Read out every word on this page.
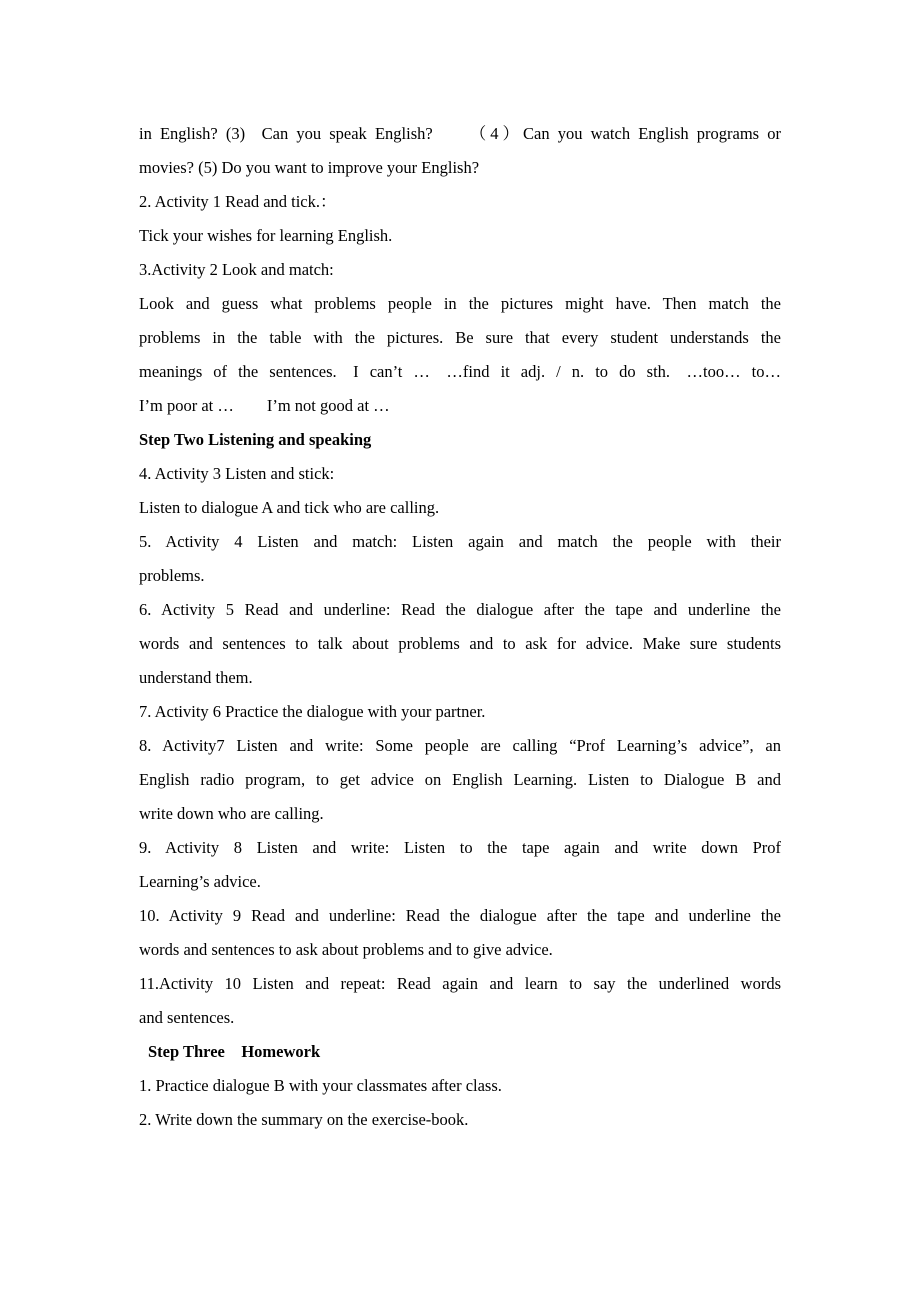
in English? (3) Can you speak English?  （4）Can you watch English programs or

movies? (5) Do you want to improve your English?

2. Activity 1 Read and tick.：

Tick your wishes for learning English.

3.Activity 2 Look and match:

Look and guess what problems people in the pictures might have. Then match the

problems in the table with the pictures. Be sure that every student understands the

meanings of the sentences. I can’t … …find it adj. / n. to do sth. …too… to…

I’m poor at …  I’m not good at …

Step Two Listening and speaking

4. Activity 3 Listen and stick:

Listen to dialogue A and tick who are calling.

5. Activity 4 Listen and match: Listen again and match the people with their

problems.

6. Activity 5 Read and underline: Read the dialogue after the tape and underline the

words and sentences to talk about problems and to ask for advice. Make sure students

understand them.

7. Activity 6 Practice the dialogue with your partner.

8. Activity7 Listen and write: Some people are calling “Prof Learning’s advice”, an

English radio program, to get advice on English Learning. Listen to Dialogue B and

write down who are calling.

9. Activity 8 Listen and write: Listen to the tape again and write down Prof

Learning’s advice.

10. Activity 9 Read and underline: Read the dialogue after the tape and underline the

words and sentences to ask about problems and to give advice.

11.Activity 10 Listen and repeat: Read again and learn to say the underlined words

and sentences.

Step Three Homework

1. Practice dialogue B with your classmates after class.

2. Write down the summary on the exercise-book.
